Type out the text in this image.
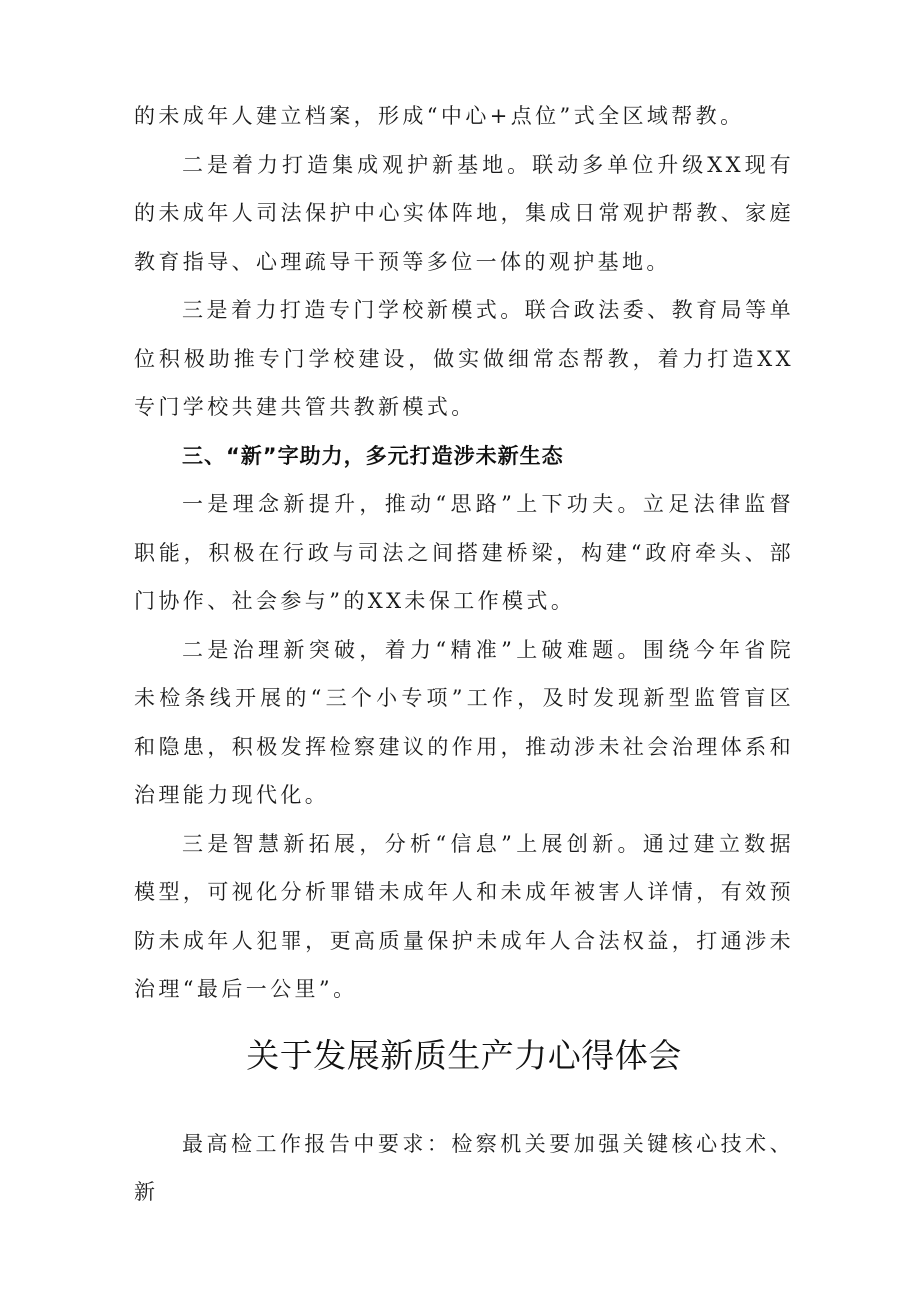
的未成年人建立档案，形成“中心+点位”式全区域帮教。

二是着力打造集成观护新基地。联动多单位升级XX现有的未成年人司法保护中心实体阵地，集成日常观护帮教、家庭教育指导、心理疏导干预等多位一体的观护基地。

三是着力打造专门学校新模式。联合政法委、教育局等单位积极助推专门学校建设，做实做细常态帮教，着力打造XX专门学校共建共管共教新模式。

三、“新”字助力，多元打造涉未新生态

一是理念新提升，推动“思路”上下功夫。立足法律监督职能，积极在行政与司法之间搭建桥梁，构建“政府牵头、部门协作、社会参与”的XX未保工作模式。

二是治理新突破，着力“精准”上破难题。围绕今年省院未检条线开展的“三个小专项”工作，及时发现新型监管盲区和隐患，积极发挥检察建议的作用，推动涉未社会治理体系和治理能力现代化。

三是智慧新拓展，分析“信息”上展创新。通过建立数据模型，可视化分析罪错未成年人和未成年被害人详情，有效预防未成年人犯罪，更高质量保护未成年人合法权益，打通涉未治理“最后一公里”。

关于发展新质生产力心得体会

最高检工作报告中要求：检察机关要加强关键核心技术、新
